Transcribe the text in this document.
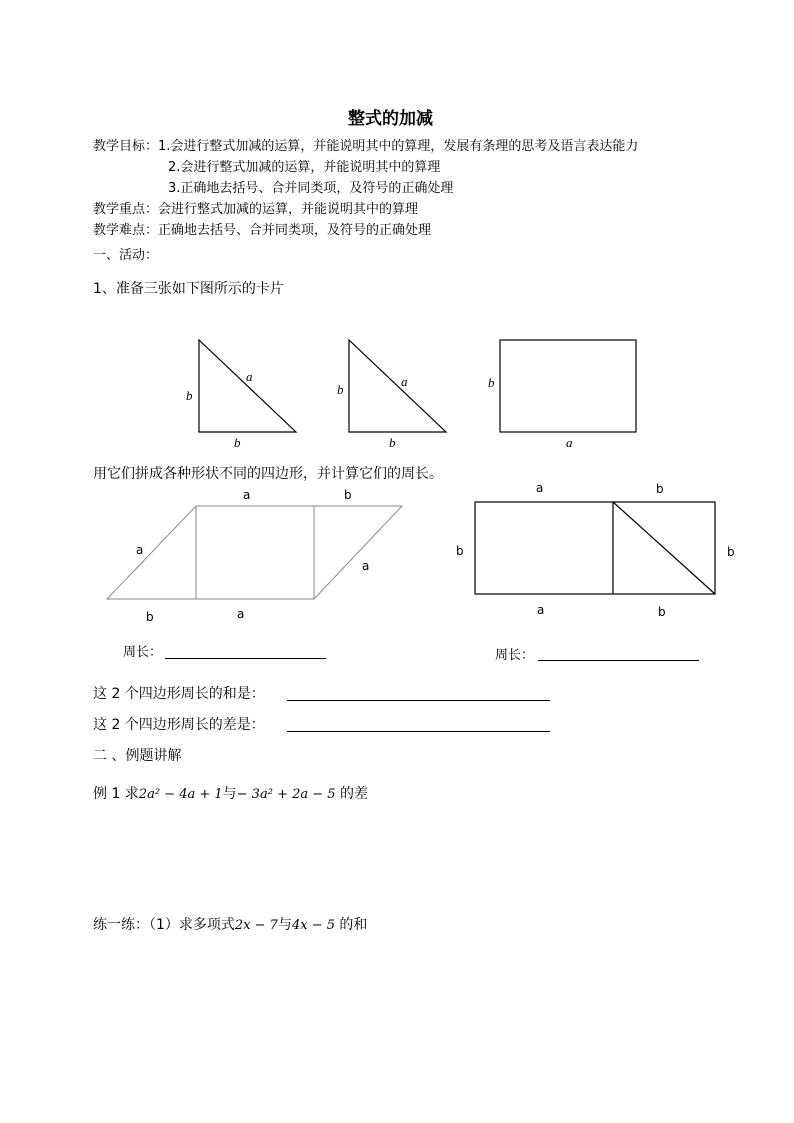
整式的加减
教学目标：1.会进行整式加减的运算，并能说明其中的算理，发展有条理的思考及语言表达能力
2.会进行整式加减的运算，并能说明其中的算理
3.正确地去括号、合并同类项，及符号的正确处理
教学重点：会进行整式加减的运算，并能说明其中的算理
教学难点：正确地去括号、合并同类项，及符号的正确处理
一、活动：
1、准备三张如下图所示的卡片
a
b
b
a
b
b
b
a
用它们拼成各种形状不同的四边形，并计算它们的周长。
a	b
a
a
b	a
a	b
b	b
a	b
周长：	周长：
这 2 个四边形周长的和是：
这 2 个四边形周长的差是：
二 、例题讲解
例 1 求2a² − 4a + 1与− 3a² + 2a − 5 的差
练一练：（1）求多项式2x − 7与4x − 5 的和
